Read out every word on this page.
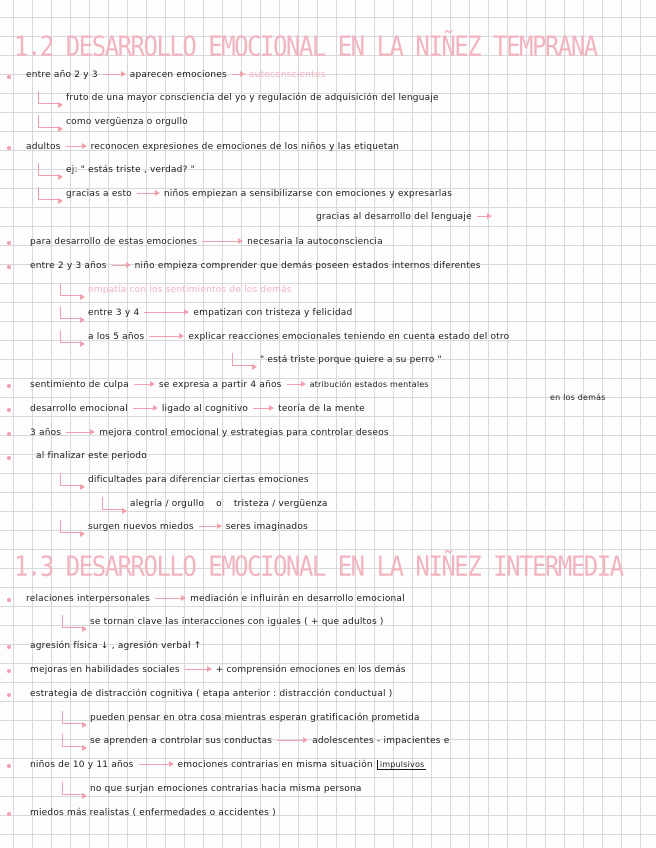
1.2 DESARROLLO EMOCIONAL EN LA NIÑEZ TEMPRANA
entre año 2 y 3	aparecen emociones autoconscientes
fruto de una mayor consciencia del yo y regulación de adquisición del lenguaje
como vergüenza o orgullo
adultos	reconocen expresiones de emociones de los niños y las etiquetan
ej: " estás triste , verdad? "
gracias a esto	niños empiezan a sensibilizarse con emociones y expresarlas
gracias al desarrollo del lenguaje
para desarrollo de estas emociones	necesaria la autoconsciencia
entre 2 y 3 años	niño empieza comprender que demás poseen estados internos diferentes
empatía con los sentimientos de los demás
entre 3 y 4	empatizan con tristeza y felicidad
a los 5 años	explicar reacciones emocionales teniendo en cuenta estado del otro
" está triste porque quiere a su perro "
sentimiento de culpa	se expresa a partir 4 años	atribución estados mentales
en los demás
desarrollo emocional	ligado al cognitivo	teoría de la mente
3 años	mejora control emocional y estrategias para controlar deseos
al finalizar este periodo
dificultades para diferenciar ciertas emociones
alegría / orgullo o tristeza / vergüenza
surgen nuevos miedos	seres imaginados
1.3 DESARROLLO EMOCIONAL EN LA NIÑEZ INTERMEDIA
relaciones interpersonales	mediación e influirán en desarrollo emocional
se tornan clave las interacciones con iguales ( + que adultos )
agresión física ↓ , agresión verbal ↑
mejoras en habilidades sociales	+ comprensión emociones en los demás
estrategia de distracción cognitiva ( etapa anterior : distracción conductual )
pueden pensar en otra cosa mientras esperan gratificación prometida
se aprenden a controlar sus conductas	adolescentes - impacientes e
niños de 10 y 11 años	emociones contrarias en misma situación impulsivos
no que surjan emociones contrarias hacia misma persona
miedos más realistas ( enfermedades o accidentes )
